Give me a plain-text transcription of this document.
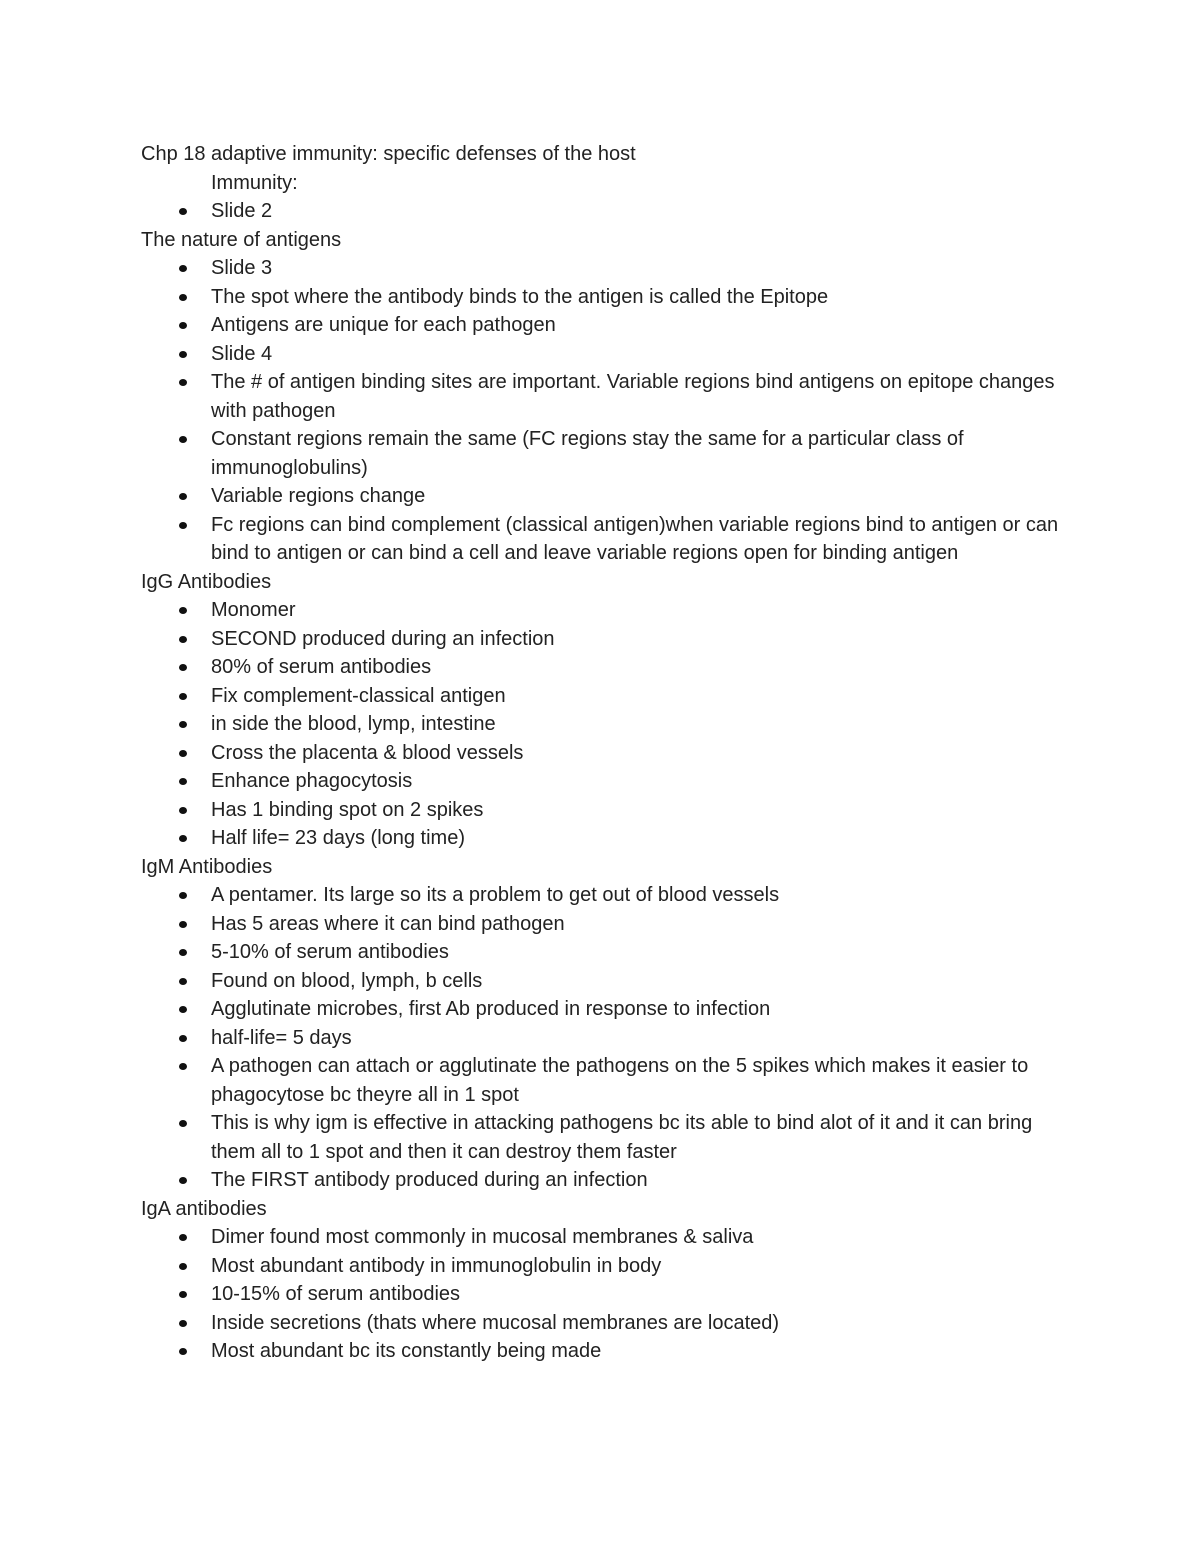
Chp 18 adaptive immunity: specific defenses of the host
Immunity:
Slide 2
The nature of antigens
Slide 3
The spot where the antibody binds to the antigen is called the Epitope
Antigens are unique for each pathogen
Slide 4
The # of antigen binding sites are important. Variable regions bind antigens on epitope changes with pathogen
Constant regions remain the same (FC regions stay the same for a particular class of immunoglobulins)
Variable regions change
Fc regions can bind complement (classical antigen)when variable regions bind to antigen or can bind to antigen or can bind a cell and leave variable regions open for binding antigen
IgG Antibodies
Monomer
SECOND produced during an infection
80% of serum antibodies
Fix complement-classical antigen
in side the blood, lymp, intestine
Cross the placenta & blood vessels
Enhance phagocytosis
Has 1 binding spot on 2 spikes
Half life= 23 days (long time)
IgM Antibodies
A pentamer. Its large so its a problem to get out of blood vessels
Has 5 areas where it can bind pathogen
5-10% of serum antibodies
Found on blood, lymph, b cells
Agglutinate microbes, first Ab produced in response to infection
half-life= 5 days
A pathogen can attach or agglutinate the pathogens on the 5 spikes which makes it easier to phagocytose bc theyre all in 1 spot
This is why igm is effective in attacking pathogens bc its able to bind alot of it and it can bring them all to 1 spot and then it can destroy them faster
The FIRST antibody produced during an infection
IgA antibodies
Dimer found most commonly in mucosal membranes & saliva
Most abundant antibody in immunoglobulin in body
10-15% of serum antibodies
Inside secretions (thats where mucosal membranes are located)
Most abundant bc its constantly being made
